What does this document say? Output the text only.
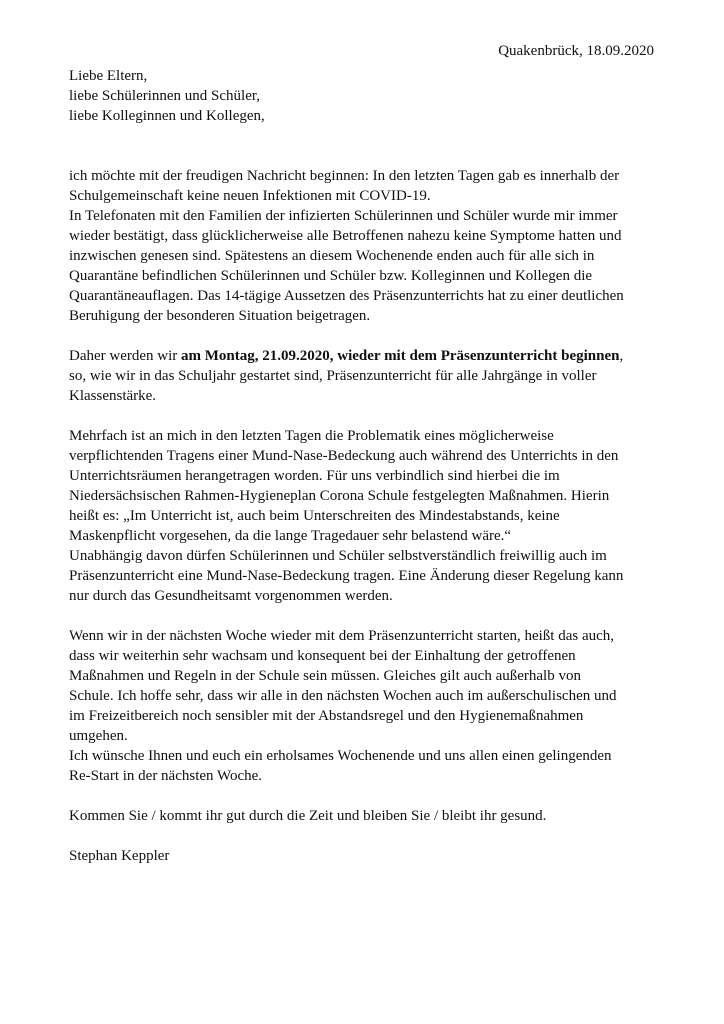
Quakenbrück, 18.09.2020
Liebe Eltern,
liebe Schülerinnen und Schüler,
liebe Kolleginnen und Kollegen,
ich möchte mit der freudigen Nachricht beginnen: In den letzten Tagen gab es innerhalb der
Schulgemeinschaft keine neuen Infektionen mit COVID-19.
In Telefonaten mit den Familien der infizierten Schülerinnen und Schüler wurde mir immer
wieder bestätigt, dass glücklicherweise alle Betroffenen nahezu keine Symptome hatten und
inzwischen genesen sind. Spätestens an diesem Wochenende enden auch für alle sich in
Quarantäne befindlichen Schülerinnen und Schüler bzw. Kolleginnen und Kollegen die
Quarantäneauflagen. Das 14-tägige Aussetzen des Präsenzunterrichts hat zu einer deutlichen
Beruhigung der besonderen Situation beigetragen.
Daher werden wir am Montag, 21.09.2020, wieder mit dem Präsenzunterricht beginnen,
so, wie wir in das Schuljahr gestartet sind, Präsenzunterricht für alle Jahrgänge in voller
Klassenstärke.
Mehrfach ist an mich in den letzten Tagen die Problematik eines möglicherweise
verpflichtenden Tragens einer Mund-Nase-Bedeckung auch während des Unterrichts in den
Unterrichtsräumen herangetragen worden. Für uns verbindlich sind hierbei die im
Niedersächsischen Rahmen-Hygieneplan Corona Schule festgelegten Maßnahmen. Hierin
heißt es: „Im Unterricht ist, auch beim Unterschreiten des Mindestabstands, keine
Maskenpflicht vorgesehen, da die lange Tragedauer sehr belastend wäre.“
Unabhängig davon dürfen Schülerinnen und Schüler selbstverständlich freiwillig auch im
Präsenzunterricht eine Mund-Nase-Bedeckung tragen. Eine Änderung dieser Regelung kann
nur durch das Gesundheitsamt vorgenommen werden.
Wenn wir in der nächsten Woche wieder mit dem Präsenzunterricht starten, heißt das auch,
dass wir weiterhin sehr wachsam und konsequent bei der Einhaltung der getroffenen
Maßnahmen und Regeln in der Schule sein müssen. Gleiches gilt auch außerhalb von
Schule. Ich hoffe sehr, dass wir alle in den nächsten Wochen auch im außerschulischen und
im Freizeitbereich noch sensibler mit der Abstandsregel und den Hygienemaßnahmen
umgehen.
Ich wünsche Ihnen und euch ein erholsames Wochenende und uns allen einen gelingenden
Re-Start in der nächsten Woche.
Kommen Sie / kommt ihr gut durch die Zeit und bleiben Sie / bleibt ihr gesund.
Stephan Keppler
